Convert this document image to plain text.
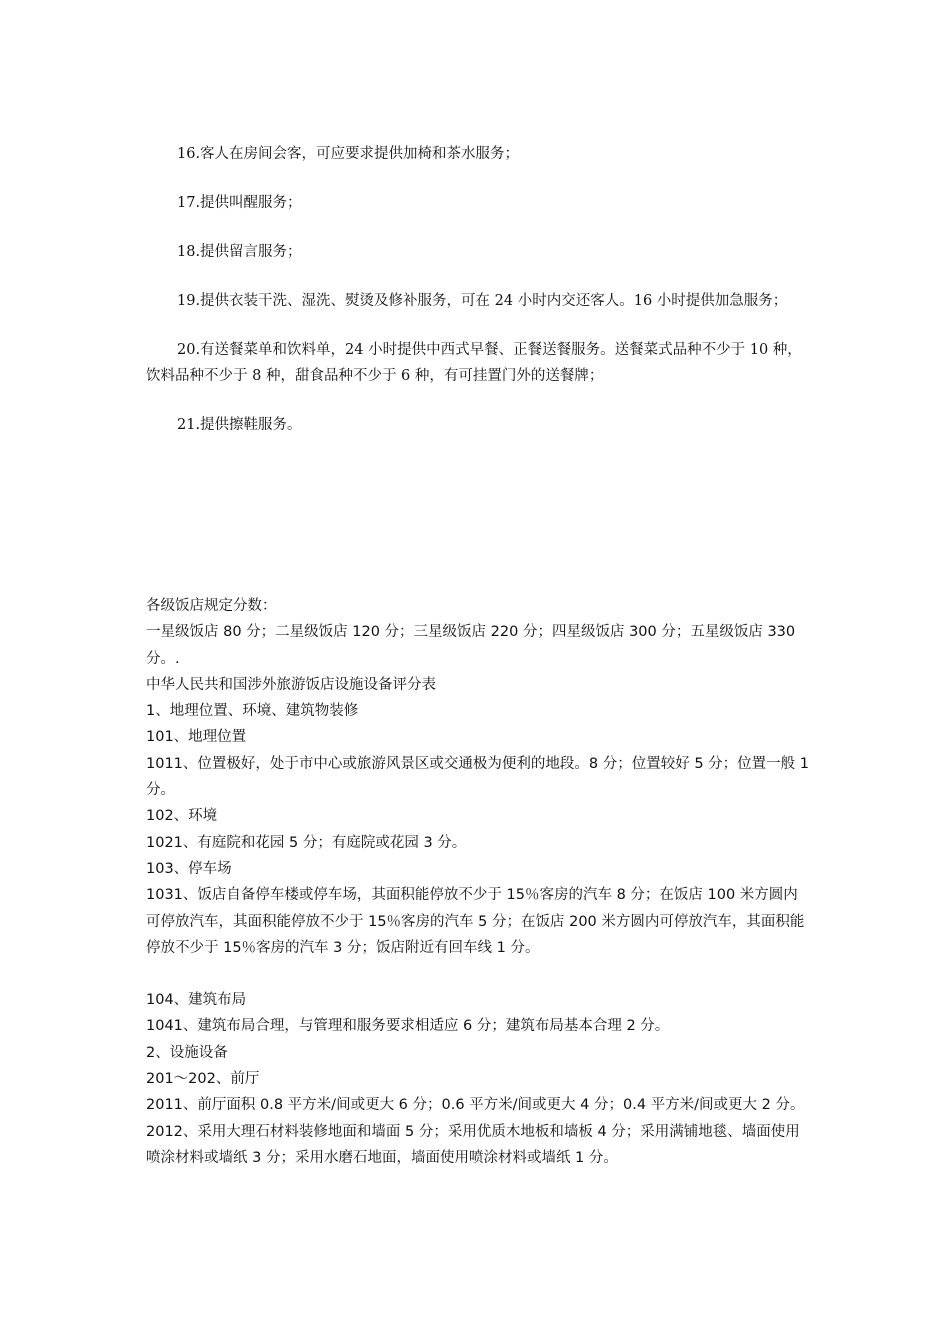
16.客人在房间会客，可应要求提供加椅和茶水服务；

17.提供叫醒服务；

18.提供留言服务；

19.提供衣装干洗、湿洗、熨烫及修补服务，可在 24 小时内交还客人。16 小时提供加急服务；

20.有送餐菜单和饮料单，24 小时提供中西式早餐、正餐送餐服务。送餐菜式品种不少于 10 种，饮料品种不少于 8 种，甜食品种不少于 6 种，有可挂置门外的送餐牌；

21.提供擦鞋服务。

各级饭店规定分数：

一星级饭店 80 分；二星级饭店 120 分；三星级饭店 220 分；四星级饭店 300 分；五星级饭店 330 分。.

中华人民共和国涉外旅游饭店设施设备评分表

1、地理位置、环境、建筑物装修

101、地理位置

1011、位置极好，处于市中心或旅游风景区或交通极为便利的地段。8 分；位置较好 5 分；位置一般 1 分。

102、环境

1021、有庭院和花园 5 分；有庭院或花园 3 分。

103、停车场

1031、饭店自备停车楼或停车场，其面积能停放不少于 15％客房的汽车 8 分；在饭店 100 米方圆内可停放汽车，其面积能停放不少于 15％客房的汽车 5 分；在饭店 200 米方圆内可停放汽车，其面积能停放不少于 15％客房的汽车 3 分；饭店附近有回车线 1 分。

104、建筑布局

1041、建筑布局合理，与管理和服务要求相适应 6 分；建筑布局基本合理 2 分。

2、设施设备

201～202、前厅

2011、前厅面积 0.8 平方米/间或更大 6 分；0.6 平方米/间或更大 4 分；0.4 平方米/间或更大 2 分。

2012、采用大理石材料装修地面和墙面 5 分；采用优质木地板和墙板 4 分；采用满铺地毯、墙面使用喷涂材料或墙纸 3 分；采用水磨石地面，墙面使用喷涂材料或墙纸 1 分。
